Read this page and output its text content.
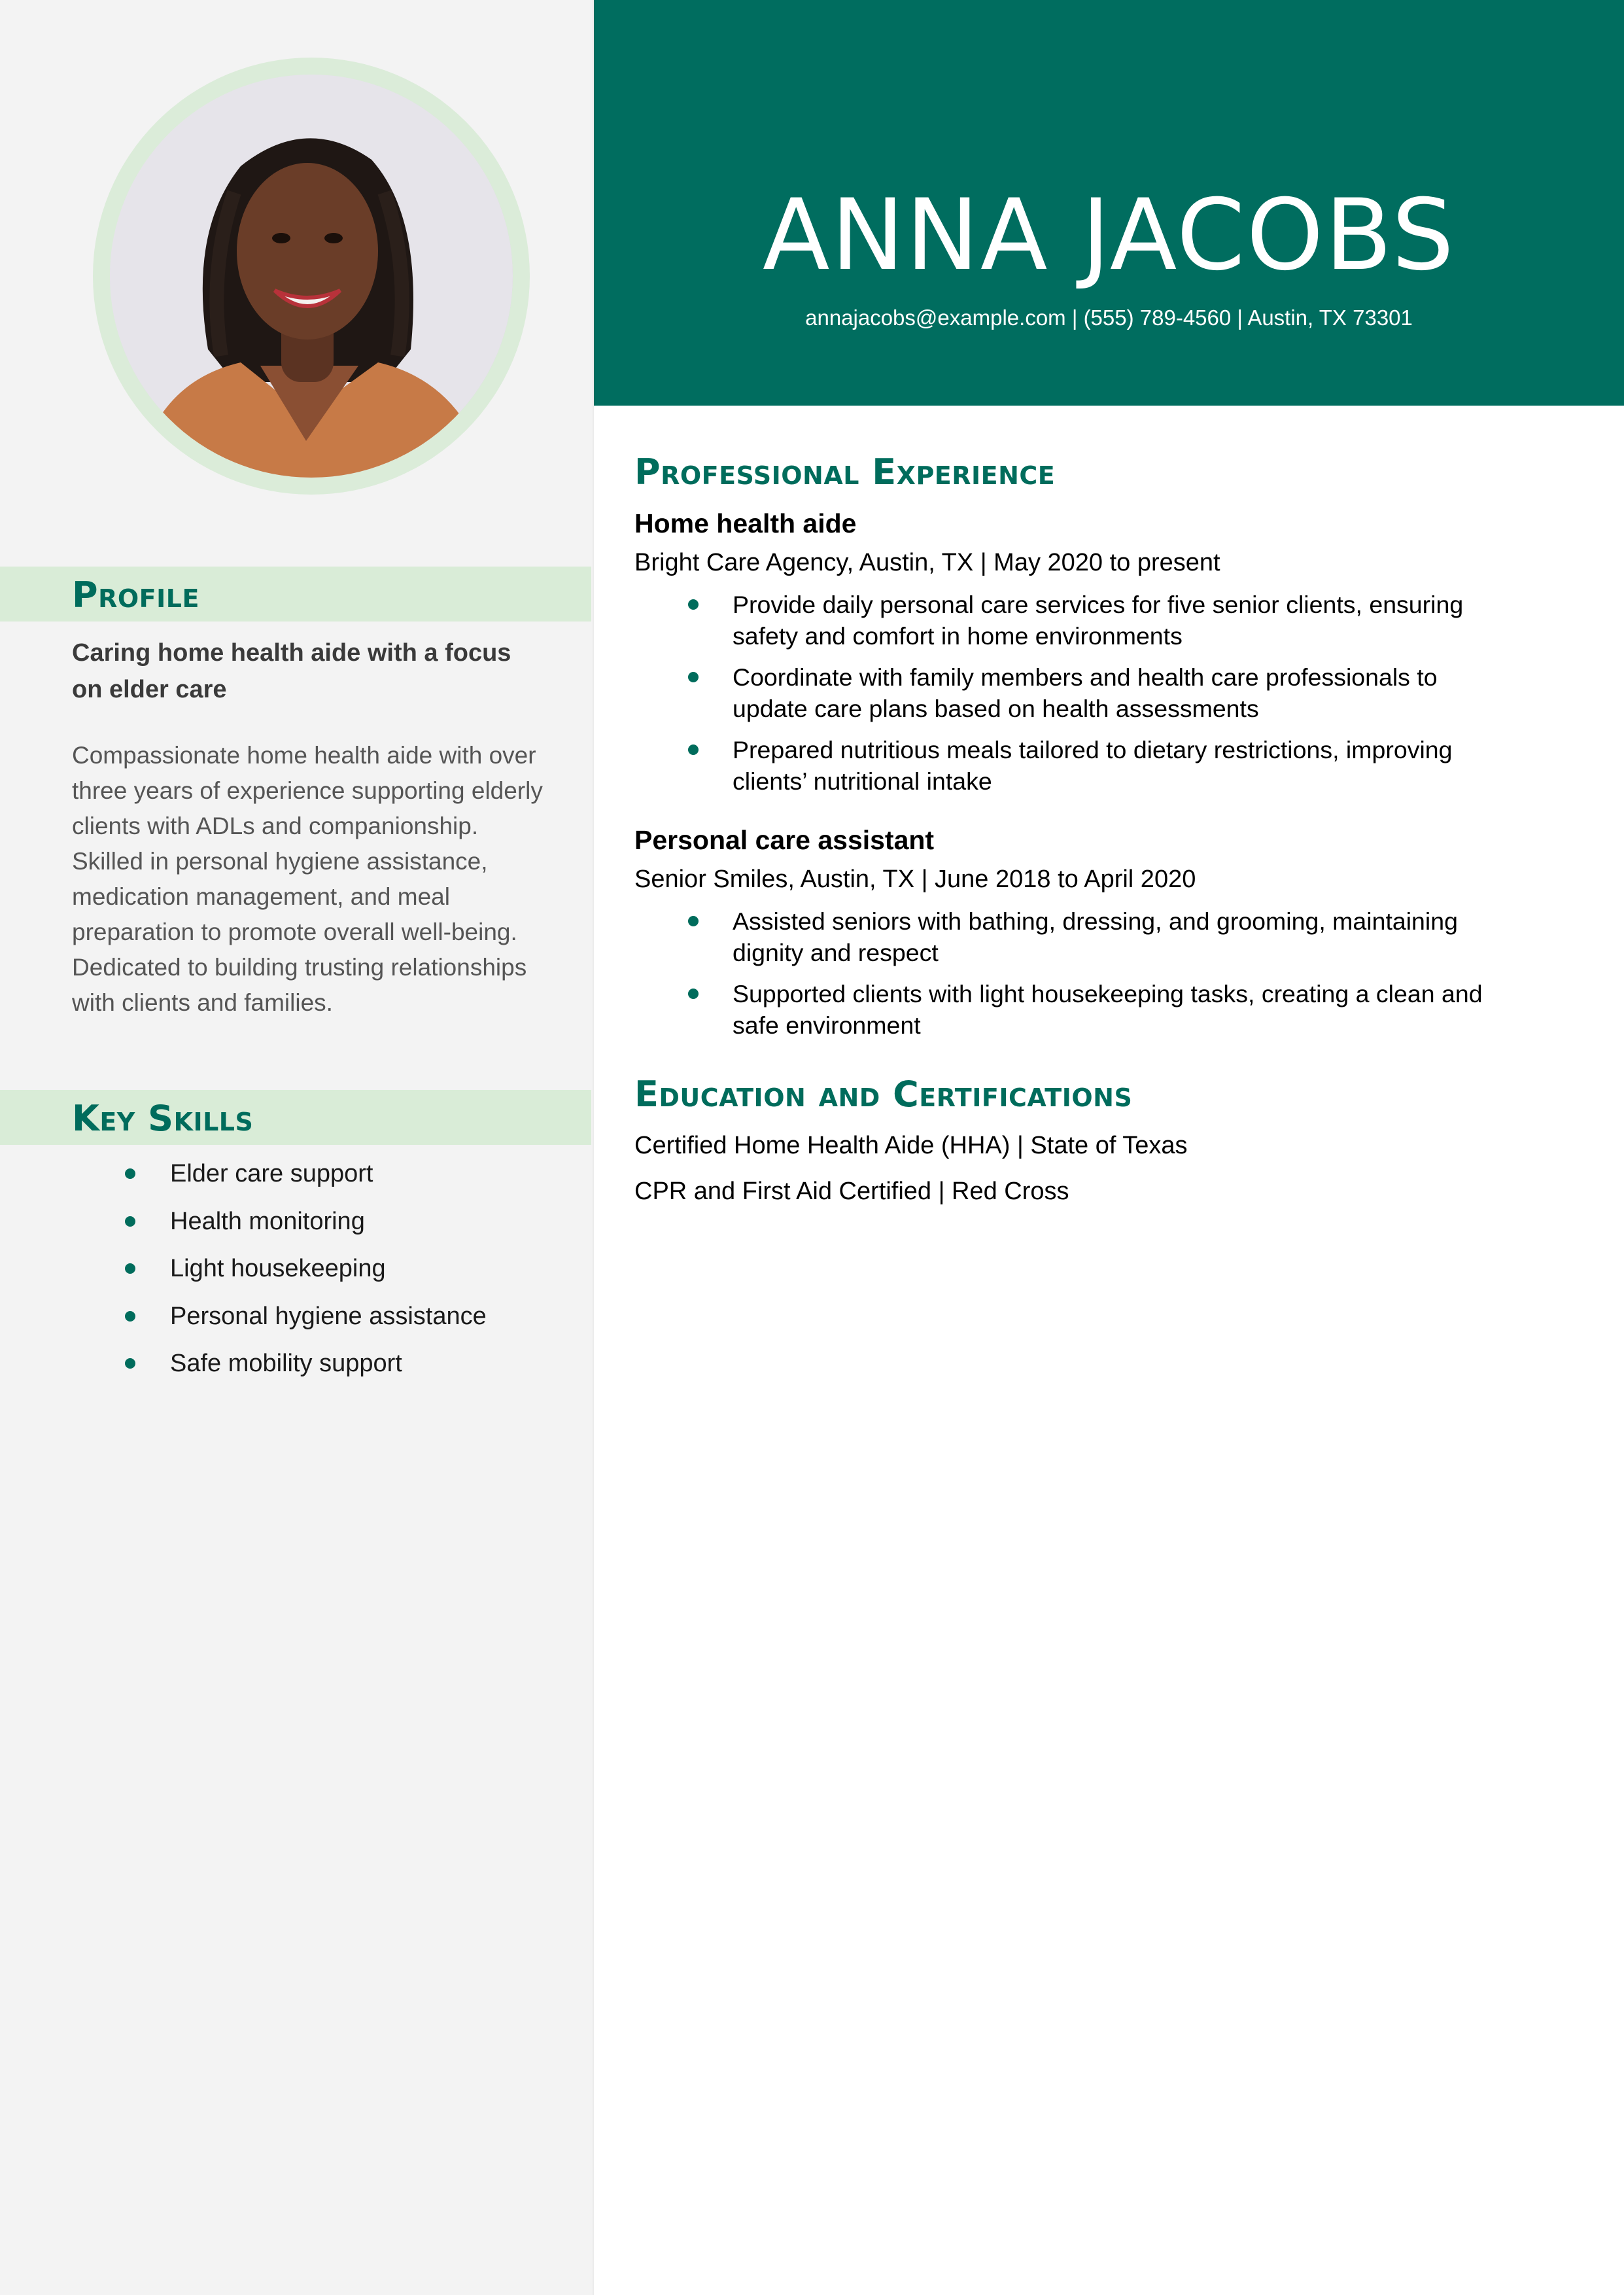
Profile

Caring home health aide with a focus on elder care

Compassionate home health aide with over three years of experience supporting elderly clients with ADLs and companionship. Skilled in personal hygiene assistance, medication management, and meal preparation to promote overall well-being. Dedicated to building trusting relationships with clients and families.

Key Skills
Elder care support
Health monitoring
Light housekeeping
Personal hygiene assistance
Safe mobility support
ANNA JACOBS
annajacobs@example.com | (555) 789-4560 | Austin, TX 73301
Professional Experience

Home health aide

Bright Care Agency, Austin, TX | May 2020 to present

Provide daily personal care services for five senior clients, ensuring safety and comfort in home environments
Coordinate with family members and health care professionals to update care plans based on health assessments
Prepared nutritious meals tailored to dietary restrictions, improving clients’ nutritional intake

Personal care assistant

Senior Smiles, Austin, TX | June 2018 to April 2020

Assisted seniors with bathing, dressing, and grooming, maintaining dignity and respect
Supported clients with light housekeeping tasks, creating a clean and safe environment
Education and Certifications

Certified Home Health Aide (HHA) | State of Texas

CPR and First Aid Certified | Red Cross
